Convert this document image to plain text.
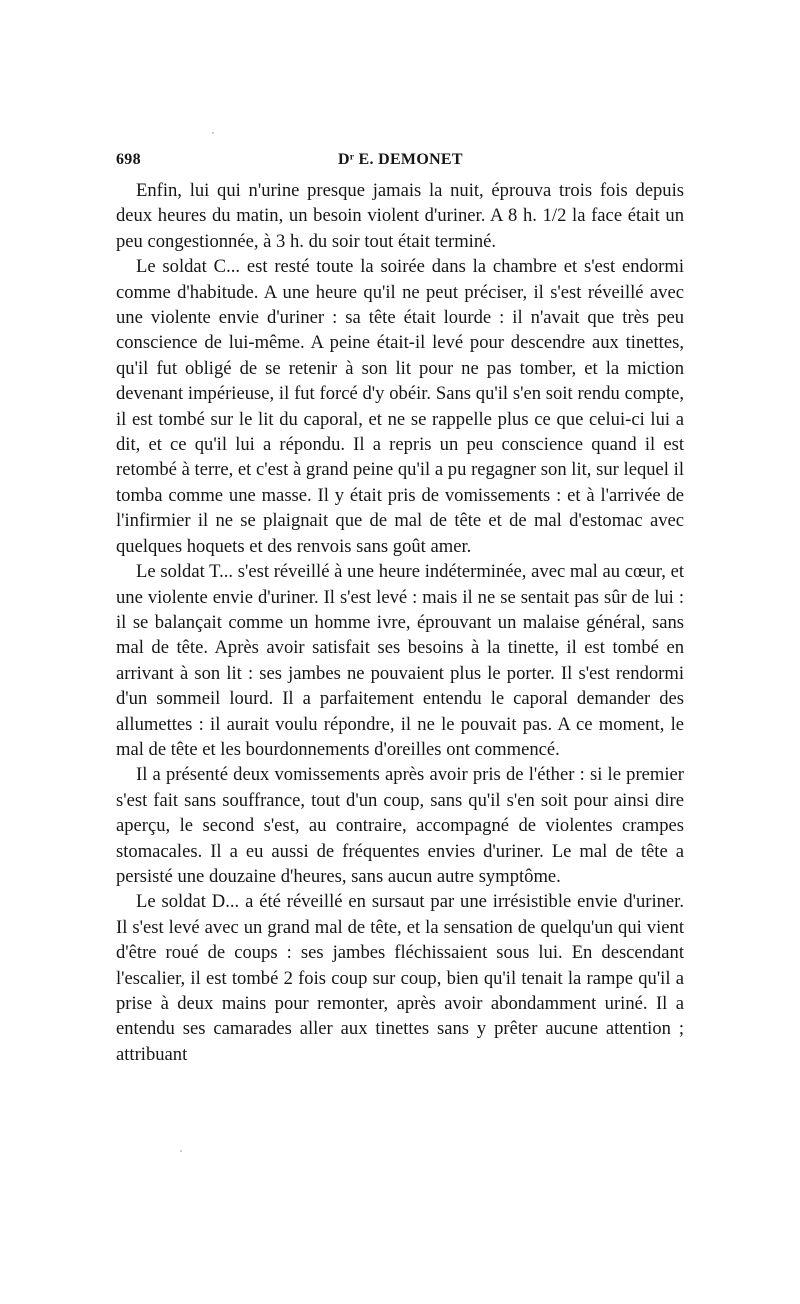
698	Dʳ E. DEMONET

Enfin, lui qui n'urine presque jamais la nuit, éprouva trois fois depuis deux heures du matin, un besoin violent d'uriner. A 8 h. 1/2 la face était un peu congestionnée, à 3 h. du soir tout était terminé.

Le soldat C... est resté toute la soirée dans la chambre et s'est endormi comme d'habitude. A une heure qu'il ne peut préciser, il s'est réveillé avec une violente envie d'uriner : sa tête était lourde : il n'avait que très peu conscience de lui-même. A peine était-il levé pour descendre aux tinettes, qu'il fut obligé de se retenir à son lit pour ne pas tomber, et la miction devenant impérieuse, il fut forcé d'y obéir. Sans qu'il s'en soit rendu compte, il est tombé sur le lit du caporal, et ne se rappelle plus ce que celui-ci lui a dit, et ce qu'il lui a répondu. Il a repris un peu conscience quand il est retombé à terre, et c'est à grand peine qu'il a pu regagner son lit, sur lequel il tomba comme une masse. Il y était pris de vomissements : et à l'arrivée de l'infirmier il ne se plaignait que de mal de tête et de mal d'estomac avec quelques hoquets et des renvois sans goût amer.

Le soldat T... s'est réveillé à une heure indéterminée, avec mal au cœur, et une violente envie d'uriner. Il s'est levé : mais il ne se sentait pas sûr de lui : il se balançait comme un homme ivre, éprouvant un malaise général, sans mal de tête. Après avoir satisfait ses besoins à la tinette, il est tombé en arrivant à son lit : ses jambes ne pouvaient plus le porter. Il s'est rendormi d'un sommeil lourd. Il a parfaitement entendu le caporal demander des allumettes : il aurait voulu répondre, il ne le pouvait pas. A ce moment, le mal de tête et les bourdonnements d'oreilles ont commencé.

Il a présenté deux vomissements après avoir pris de l'éther : si le premier s'est fait sans souffrance, tout d'un coup, sans qu'il s'en soit pour ainsi dire aperçu, le second s'est, au contraire, accompagné de violentes crampes stomacales. Il a eu aussi de fréquentes envies d'uriner. Le mal de tête a persisté une douzaine d'heures, sans aucun autre symptôme.

Le soldat D... a été réveillé en sursaut par une irrésistible envie d'uriner. Il s'est levé avec un grand mal de tête, et la sensation de quelqu'un qui vient d'être roué de coups : ses jambes fléchissaient sous lui. En descendant l'escalier, il est tombé 2 fois coup sur coup, bien qu'il tenait la rampe qu'il a prise à deux mains pour remonter, après avoir abondamment uriné. Il a entendu ses camarades aller aux tinettes sans y prêter aucune attention ; attribuant
